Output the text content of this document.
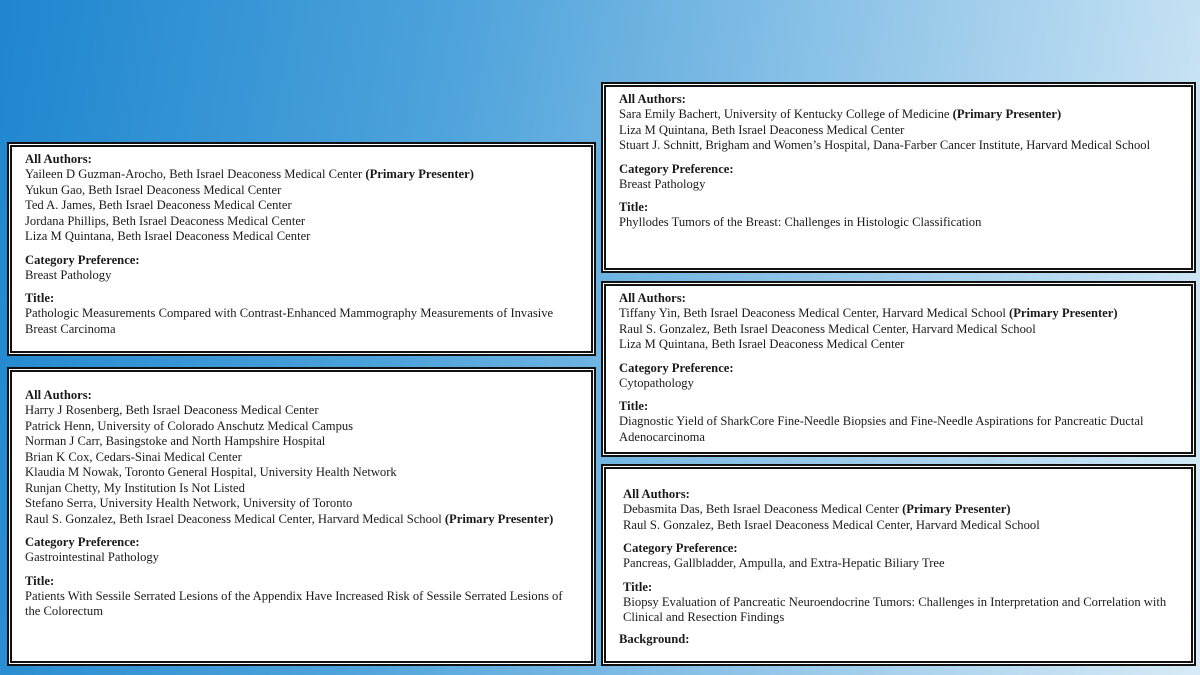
All Authors:
Yaileen D Guzman-Arocho, Beth Israel Deaconess Medical Center (Primary Presenter)
Yukun Gao, Beth Israel Deaconess Medical Center
Ted A. James, Beth Israel Deaconess Medical Center
Jordana Phillips, Beth Israel Deaconess Medical Center
Liza M Quintana, Beth Israel Deaconess Medical Center
Category Preference:
Breast Pathology
Title:
Pathologic Measurements Compared with Contrast-Enhanced Mammography Measurements of Invasive Breast Carcinoma
All Authors:
Harry J Rosenberg, Beth Israel Deaconess Medical Center
Patrick Henn, University of Colorado Anschutz Medical Campus
Norman J Carr, Basingstoke and North Hampshire Hospital
Brian K Cox, Cedars-Sinai Medical Center
Klaudia M Nowak, Toronto General Hospital, University Health Network
Runjan Chetty, My Institution Is Not Listed
Stefano Serra, University Health Network, University of Toronto
Raul S. Gonzalez, Beth Israel Deaconess Medical Center, Harvard Medical School (Primary Presenter)
Category Preference:
Gastrointestinal Pathology
Title:
Patients With Sessile Serrated Lesions of the Appendix Have Increased Risk of Sessile Serrated Lesions of the Colorectum
All Authors:
Sara Emily Bachert, University of Kentucky College of Medicine (Primary Presenter)
Liza M Quintana, Beth Israel Deaconess Medical Center
Stuart J. Schnitt, Brigham and Women’s Hospital, Dana-Farber Cancer Institute, Harvard Medical School
Category Preference:
Breast Pathology
Title:
Phyllodes Tumors of the Breast: Challenges in Histologic Classification
All Authors:
Tiffany Yin, Beth Israel Deaconess Medical Center, Harvard Medical School (Primary Presenter)
Raul S. Gonzalez, Beth Israel Deaconess Medical Center, Harvard Medical School
Liza M Quintana, Beth Israel Deaconess Medical Center
Category Preference:
Cytopathology
Title:
Diagnostic Yield of SharkCore Fine-Needle Biopsies and Fine-Needle Aspirations for Pancreatic Ductal Adenocarcinoma
All Authors:
Debasmita Das, Beth Israel Deaconess Medical Center (Primary Presenter)
Raul S. Gonzalez, Beth Israel Deaconess Medical Center, Harvard Medical School
Category Preference:
Pancreas, Gallbladder, Ampulla, and Extra-Hepatic Biliary Tree
Title:
Biopsy Evaluation of Pancreatic Neuroendocrine Tumors: Challenges in Interpretation and Correlation with Clinical and Resection Findings
Background:
